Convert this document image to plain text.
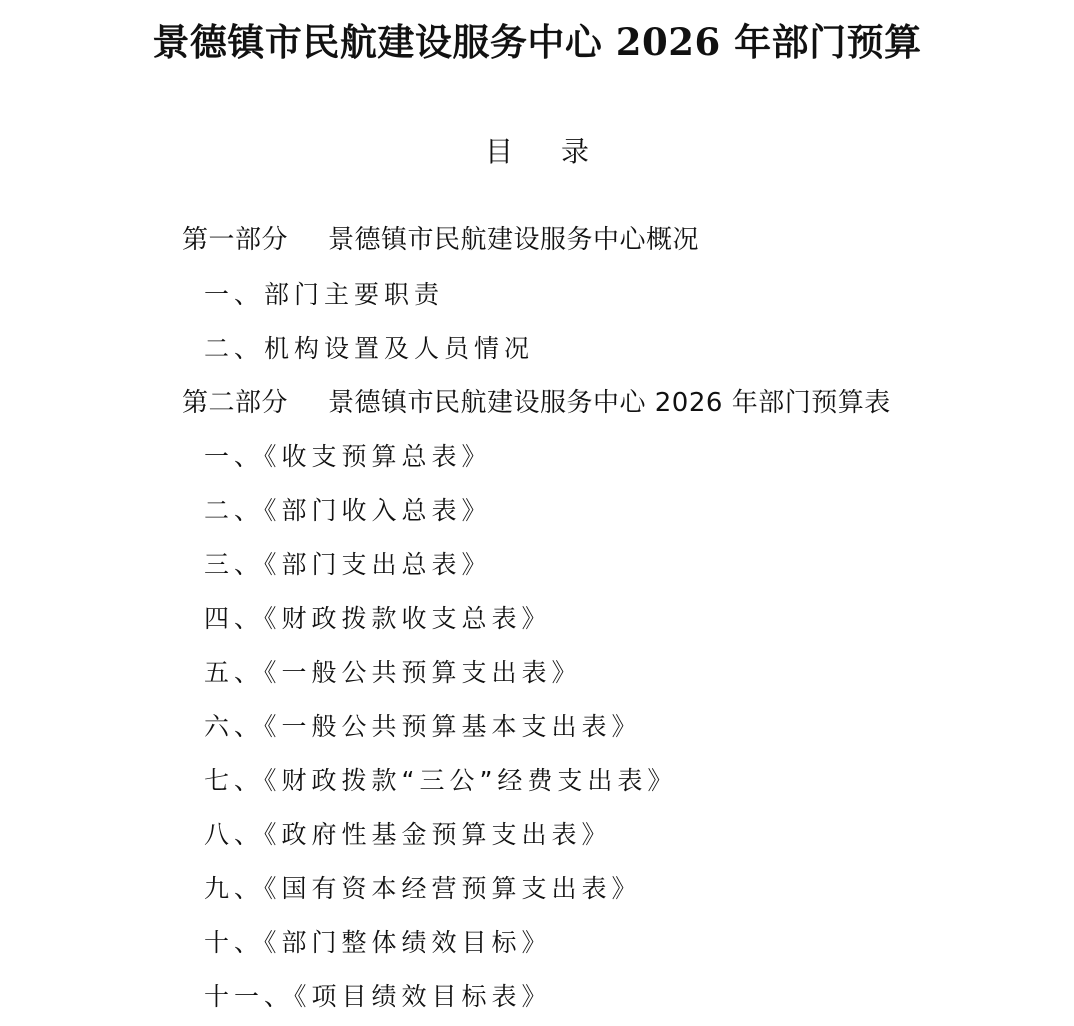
景德镇市民航建设服务中心 2026 年部门预算
目录
第一部分 景德镇市民航建设服务中心概况
一、部门主要职责
二、机构设置及人员情况
第二部分 景德镇市民航建设服务中心 2026 年部门预算表
一、《收支预算总表》
二、《部门收入总表》
三、《部门支出总表》
四、《财政拨款收支总表》
五、《一般公共预算支出表》
六、《一般公共预算基本支出表》
七、《财政拨款“三公”经费支出表》
八、《政府性基金预算支出表》
九、《国有资本经营预算支出表》
十、《部门整体绩效目标》
十一、《项目绩效目标表》
